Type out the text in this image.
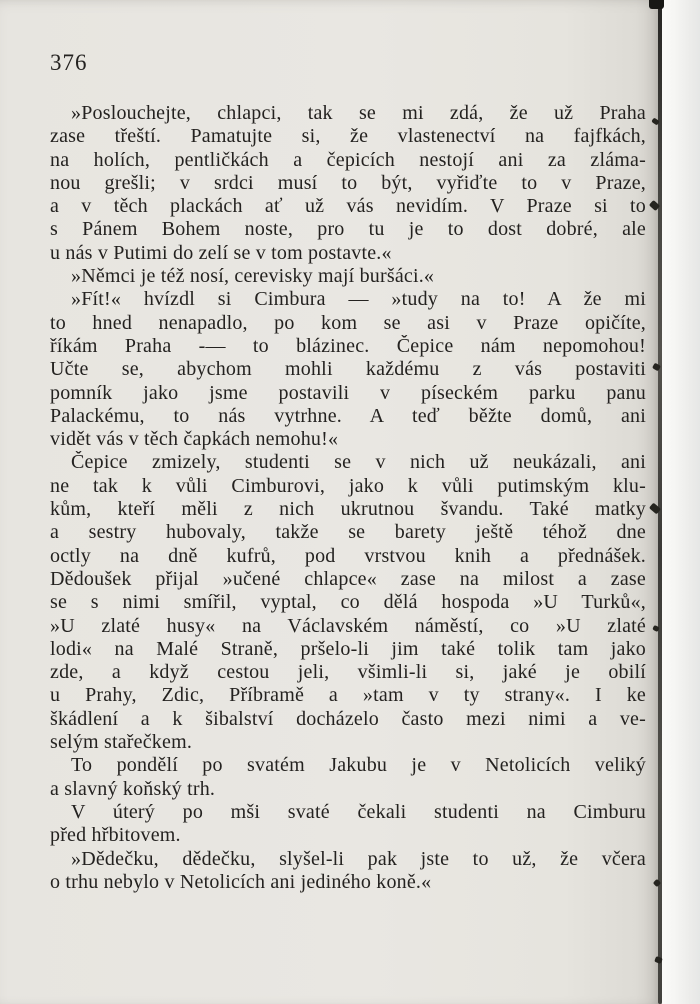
376
»Poslouchejte, chlapci, tak se mi zdá, že už Praha
zase třeští. Pamatujte si, že vlastenectví na fajfkách,
na holích, pentličkách a čepicích nestojí ani za zláma-
nou grešli; v srdci musí to být, vyřiďte to v Praze,
a v těch plackách ať už vás nevidím. V Praze si to
s Pánem Bohem noste, pro tu je to dost dobré, ale
u nás v Putimi do zelí se v tom postavte.«
»Němci je též nosí, cerevisky mají buršáci.«
»Fít!« hvízdl si Cimbura — »tudy na to! A že mi
to hned nenapadlo, po kom se asi v Praze opičíte,
říkám Praha -— to blázinec. Čepice nám nepomohou!
Učte se, abychom mohli každému z vás postaviti
pomník jako jsme postavili v píseckém parku panu
Palackému, to nás vytrhne. A teď běžte domů, ani
vidět vás v těch čapkách nemohu!«
Čepice zmizely, studenti se v nich už neukázali, ani
ne tak k vůli Cimburovi, jako k vůli putimským klu-
kům, kteří měli z nich ukrutnou švandu. Také matky
a sestry hubovaly, takže se barety ještě téhož dne
octly na dně kufrů, pod vrstvou knih a přednášek.
Dědoušek přijal »učené chlapce« zase na milost a zase
se s nimi smířil, vyptal, co dělá hospoda »U Turků«,
»U zlaté husy« na Václavském náměstí, co »U zlaté
lodi« na Malé Straně, pršelo-li jim také tolik tam jako
zde, a když cestou jeli, všimli-li si, jaké je obilí
u Prahy, Zdic, Příbramě a »tam v ty strany«. I ke
škádlení a k šibalství docházelo často mezi nimi a ve-
selým stařečkem.
To pondělí po svatém Jakubu je v Netolicích veliký
a slavný koňský trh.
V úterý po mši svaté čekali studenti na Cimburu
před hřbitovem.
»Dědečku, dědečku, slyšel-li pak jste to už, že včera
o trhu nebylo v Netolicích ani jediného koně.«
